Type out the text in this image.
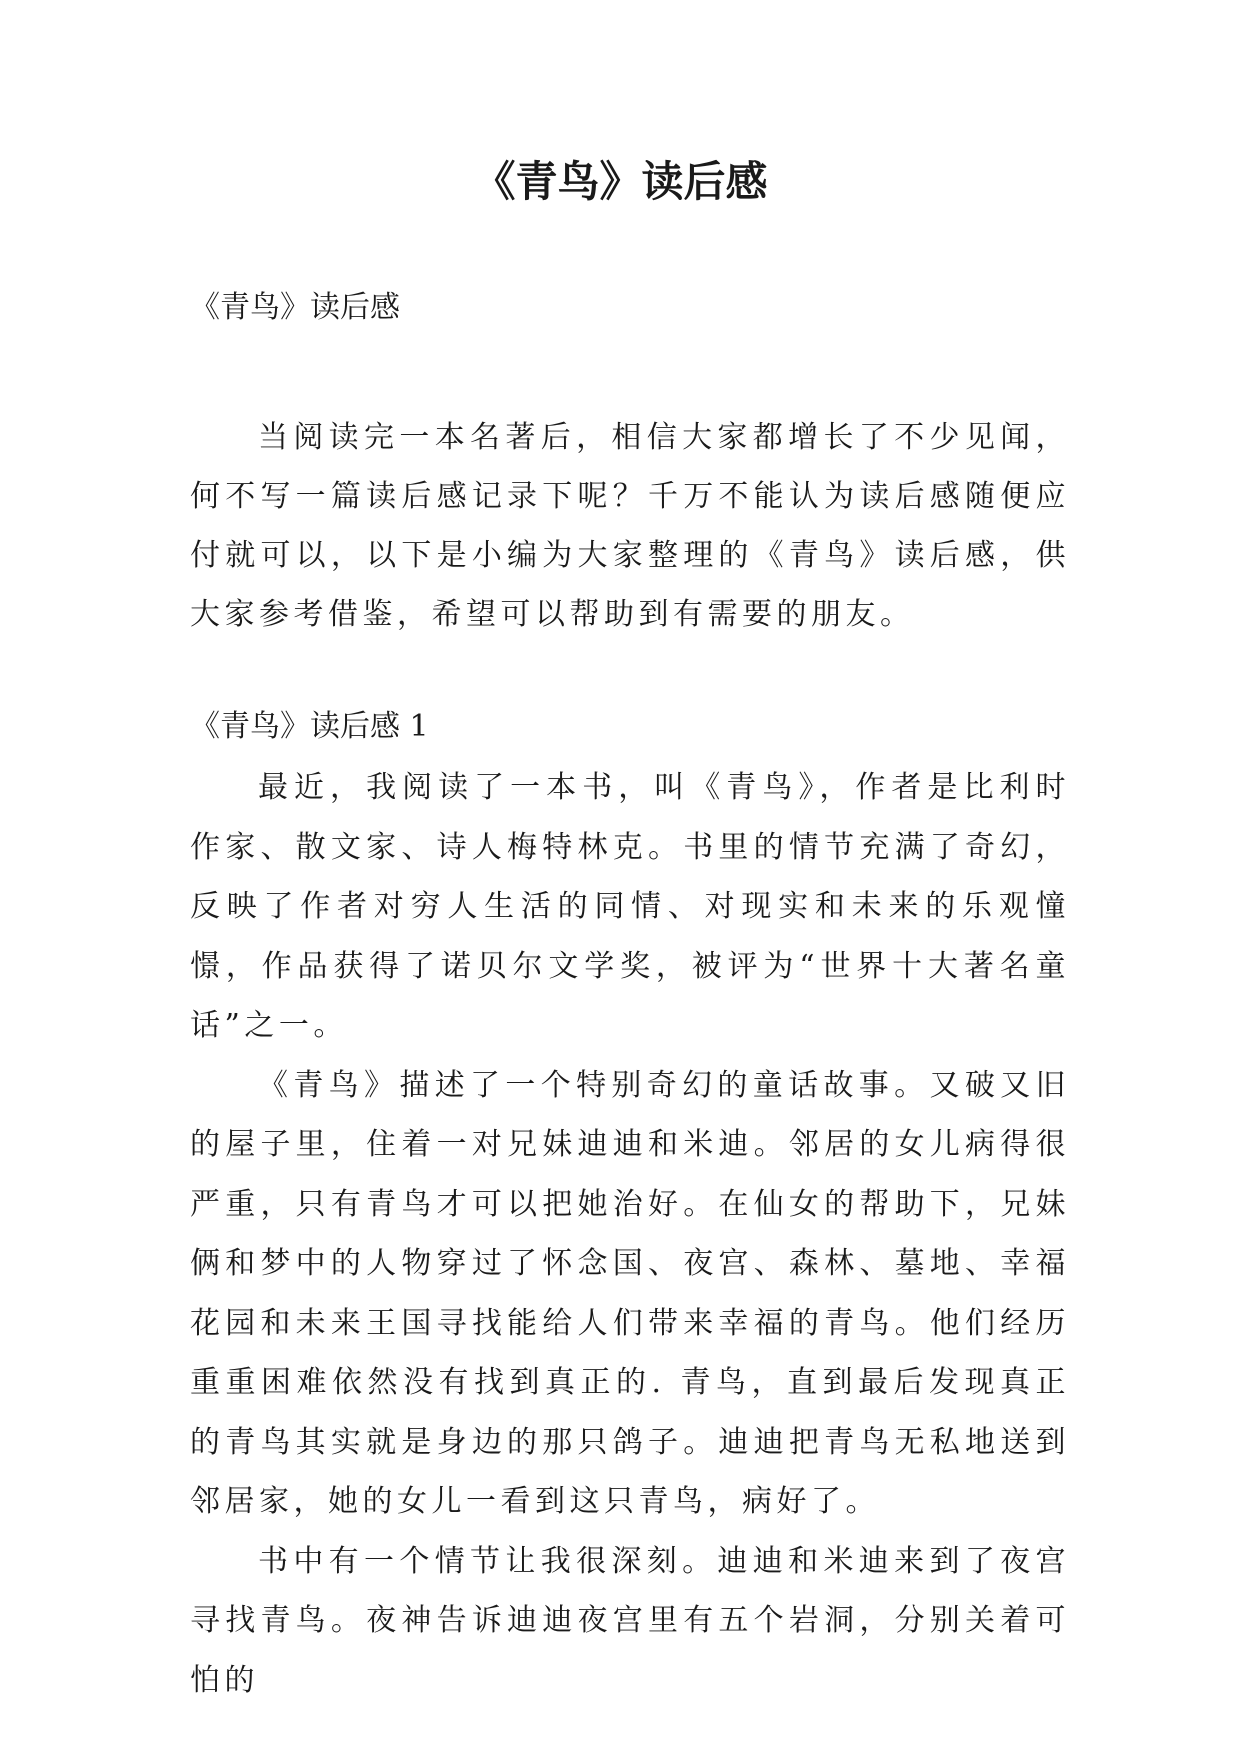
《青鸟》读后感

《青鸟》读后感

当阅读完一本名著后，相信大家都增长了不少见闻，何不写一篇读后感记录下呢？千万不能认为读后感随便应付就可以，以下是小编为大家整理的《青鸟》读后感，供大家参考借鉴，希望可以帮助到有需要的朋友。

《青鸟》读后感 1

最近，我阅读了一本书，叫《青鸟》，作者是比利时作家、散文家、诗人梅特林克。书里的情节充满了奇幻，反映了作者对穷人生活的同情、对现实和未来的乐观憧憬，作品获得了诺贝尔文学奖，被评为“世界十大著名童话”之一。

《青鸟》描述了一个特别奇幻的童话故事。又破又旧的屋子里，住着一对兄妹迪迪和米迪。邻居的女儿病得很严重，只有青鸟才可以把她治好。在仙女的帮助下，兄妹俩和梦中的人物穿过了怀念国、夜宫、森林、墓地、幸福花园和未来王国寻找能给人们带来幸福的青鸟。他们经历重重困难依然没有找到真正的. 青鸟，直到最后发现真正的青鸟其实就是身边的那只鸽子。迪迪把青鸟无私地送到邻居家，她的女儿一看到这只青鸟，病好了。

书中有一个情节让我很深刻。迪迪和米迪来到了夜宫寻找青鸟。夜神告诉迪迪夜宫里有五个岩洞，分别关着可怕的
